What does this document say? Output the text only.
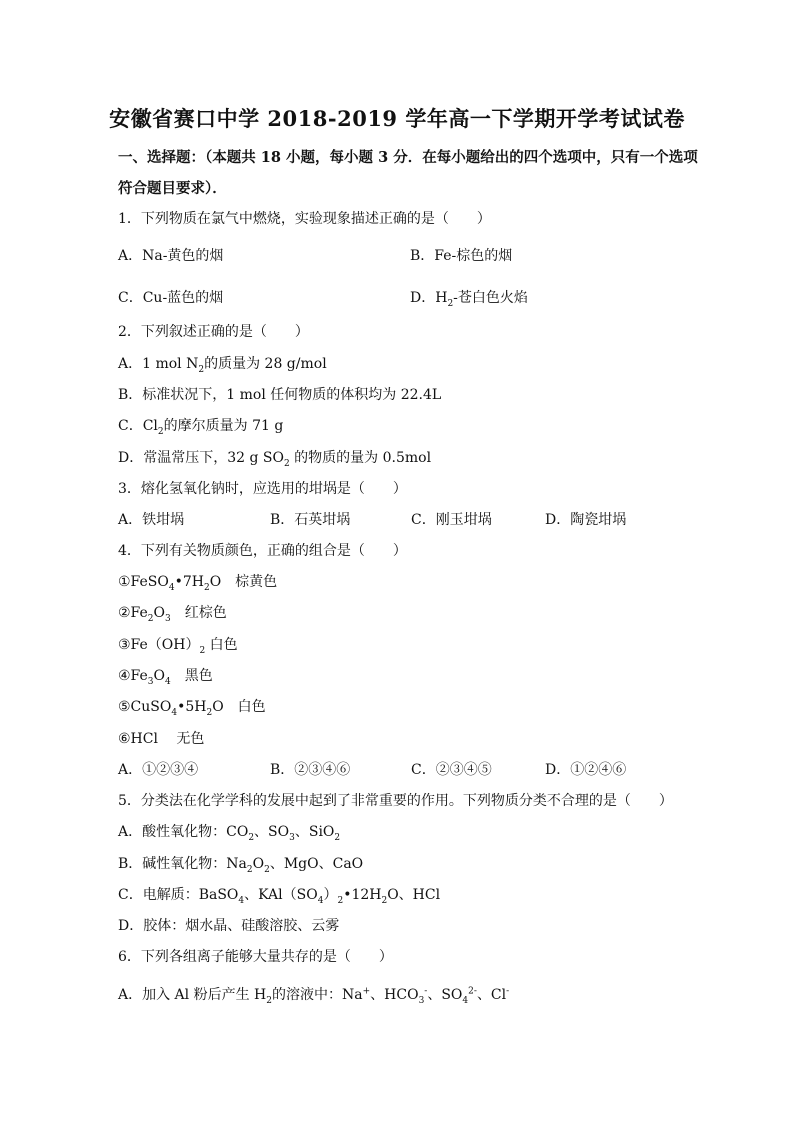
安徽省赛口中学 2018-2019 学年高一下学期开学考试试卷
一、选择题：（本题共 18 小题，每小题 3 分．在每小题给出的四个选项中，只有一个选项
符合题目要求）．
1．下列物质在氯气中燃烧，实验现象描述正确的是（　　）
A．Na-黄色的烟	B．Fe-棕色的烟
C．Cu-蓝色的烟	D．$H_2-$苍白色火焰
2．下列叙述正确的是（　　）
A．1 mol $N_2$的质量为 28 g/mol
B．标准状况下，1 mol 任何物质的体积均为 22.4L
C．$Cl_2$的摩尔质量为 71 g
D．常温常压下，32 g $SO_2$ 的物质的量为 0.5mol
3．熔化氢氧化钠时，应选用的坩埚是（　　）
A．铁坩埚	B．石英坩埚	C．刚玉坩埚	D．陶瓷坩埚
4．下列有关物质颜色，正确的组合是（　　）
$①FeSO_4•7H_2O$　棕黄色
$②Fe_2O_3$　红棕色
$③Fe(OH)_2$ 白色
$④Fe_3O_4$　黑色
$⑤CuSO_4•5H_2O$　白色
⑥HCl　 无色
A．①②③④	B．②③④⑥	C．②③④⑤	D．①②④⑥
5．分类法在化学学科的发展中起到了非常重要的作用。下列物质分类不合理的是（　　）
A．酸性氧化物：$CO_2$、$SO_3$、SiO$_2$
B．碱性氧化物：$Na_2O_2$、MgO、CaO
C．电解质：BaSO$_4$、$KAl(SO_4)_2•12H_2O$、HCl
D．胶体：烟水晶、硅酸溶胶、云雾
6．下列各组离子能够大量共存的是（　　）
A．加入 Al 粉后产生 $H_2$的溶液中：Na+、$HCO_3^-$、$SO_4^{2-}$、Cl-
